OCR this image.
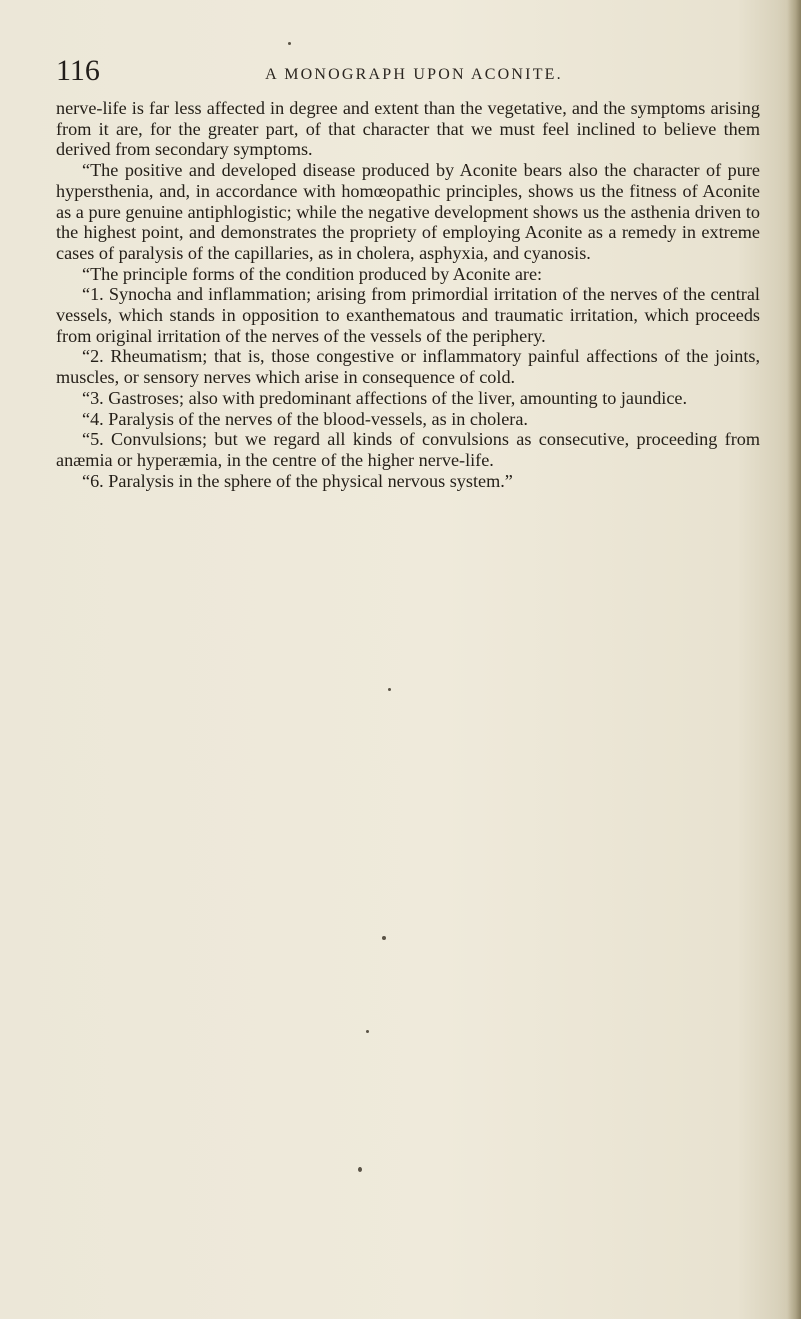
116	A MONOGRAPH UPON ACONITE.

nerve-life is far less affected in degree and extent than the vegetative, and the symptoms arising from it are, for the greater part, of that character that we must feel inclined to believe them derived from secondary symptoms.

“The positive and developed disease produced by Aconite bears also the character of pure hypersthenia, and, in accordance with homœopathic principles, shows us the fitness of Aconite as a pure genuine antiphlogistic; while the negative development shows us the asthenia driven to the highest point, and demonstrates the propriety of employing Aconite as a remedy in extreme cases of paralysis of the capillaries, as in cholera, asphyxia, and cyanosis.

“The principle forms of the condition produced by Aconite are:

“1. Synocha and inflammation; arising from primordial irritation of the nerves of the central vessels, which stands in opposition to exanthematous and traumatic irritation, which proceeds from original irritation of the nerves of the vessels of the periphery.

“2. Rheumatism; that is, those congestive or inflammatory painful affections of the joints, muscles, or sensory nerves which arise in consequence of cold.

“3. Gastroses; also with predominant affections of the liver, amounting to jaundice.

“4. Paralysis of the nerves of the blood-vessels, as in cholera.

“5. Convulsions; but we regard all kinds of convulsions as consecutive, proceeding from anæmia or hyperæmia, in the centre of the higher nerve-life.

“6. Paralysis in the sphere of the physical nervous system.”
